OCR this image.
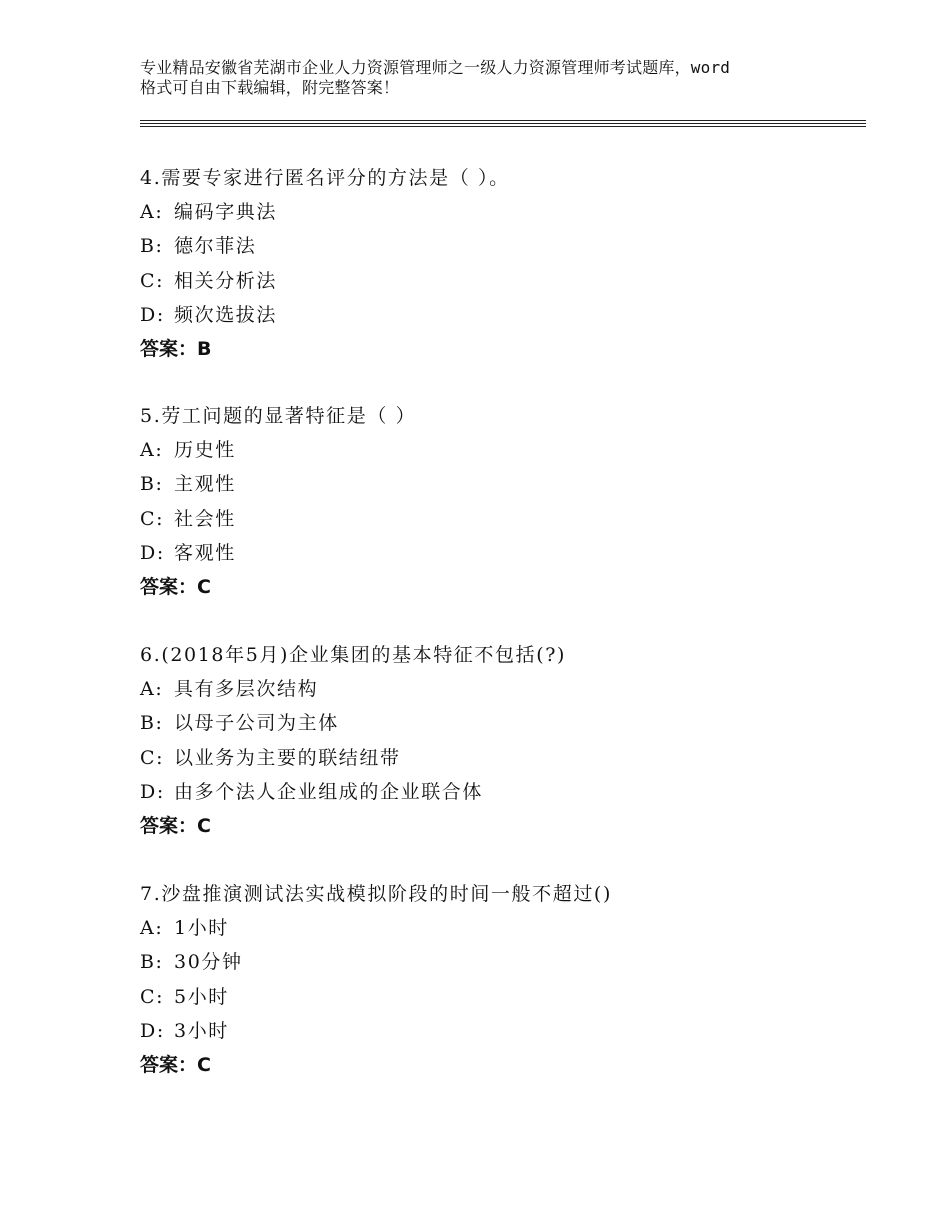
专业精品安徽省芜湖市企业人力资源管理师之一级人力资源管理师考试题库，word
格式可自由下载编辑，附完整答案！
4.需要专家进行匿名评分的方法是（ ）。
A: 编码字典法
B: 德尔菲法
C: 相关分析法
D: 频次选拔法
答案：B
5.劳工问题的显著特征是（ ）
A: 历史性
B: 主观性
C: 社会性
D: 客观性
答案：C
6.(2018年5月)企业集团的基本特征不包括(?)
A: 具有多层次结构
B: 以母子公司为主体
C: 以业务为主要的联结纽带
D: 由多个法人企业组成的企业联合体
答案：C
7.沙盘推演测试法实战模拟阶段的时间一般不超过()
A: 1小时
B: 30分钟
C: 5小时
D: 3小时
答案：C
